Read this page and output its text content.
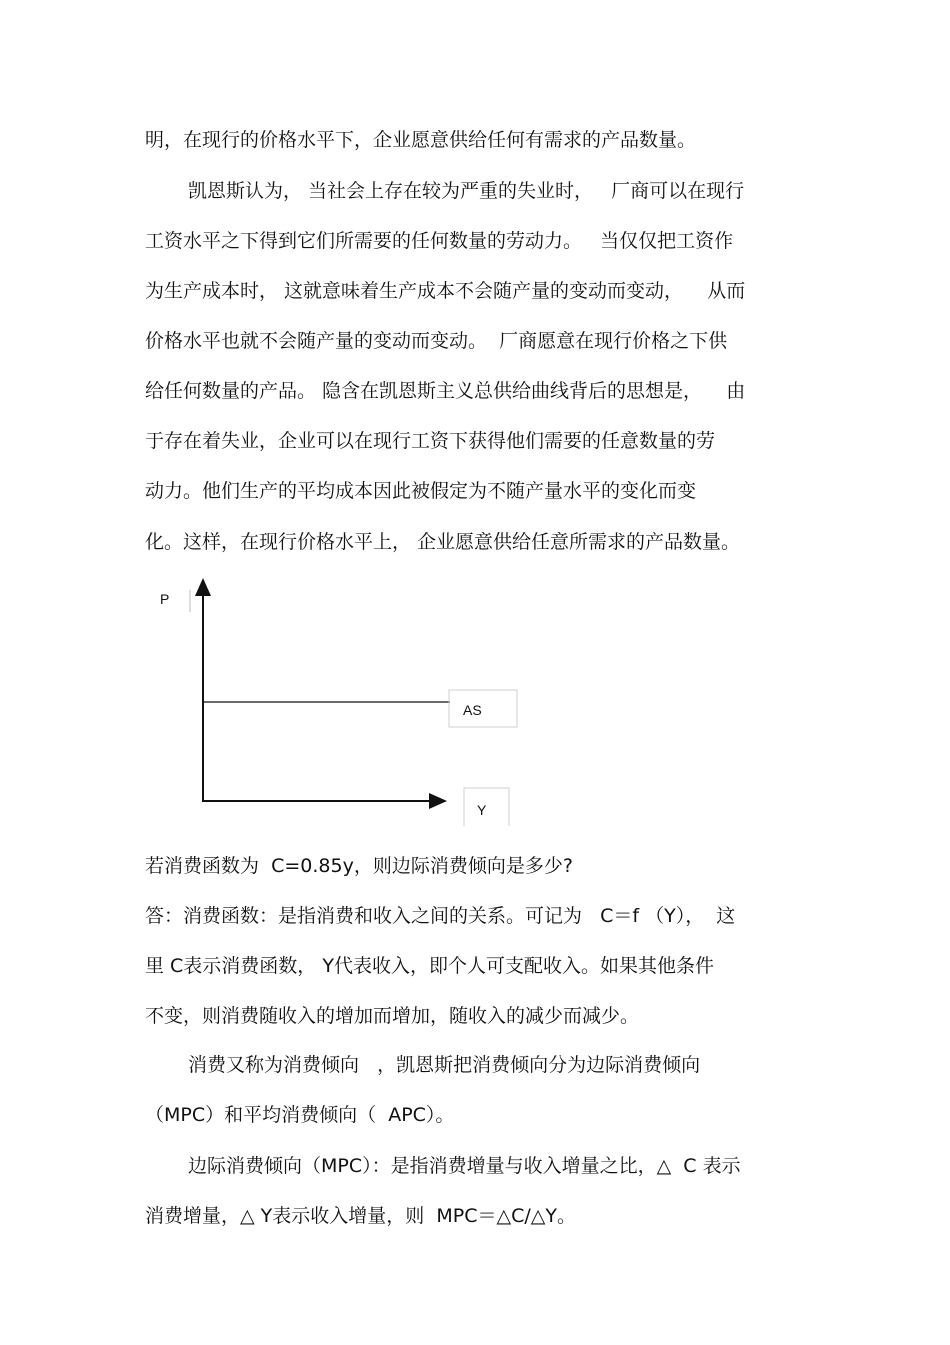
明，在现行的价格水平下，企业愿意供给任何有需求的产品数量。
凯恩斯认为， 当社会上存在较为严重的失业时，   厂商可以在现行
工资水平之下得到它们所需要的任何数量的劳动力。   当仅仅把工资作
为生产成本时， 这就意味着生产成本不会随产量的变动而变动，    从而
价格水平也就不会随产量的变动而变动。  厂商愿意在现行价格之下供
给任何数量的产品。 隐含在凯恩斯主义总供给曲线背后的思想是，    由
于存在着失业，企业可以在现行工资下获得他们需要的任意数量的劳
动力。他们生产的平均成本因此被假定为不随产量水平的变化而变
化。这样，在现行价格水平上， 企业愿意供给任意所需求的产品数量。
P
Y
AS
若消费函数为  C=0.85y，则边际消费倾向是多少?
答：消费函数：是指消费和收入之间的关系。可记为   C＝f （Y），  这
里 C表示消费函数， Y代表收入，即个人可支配收入。如果其他条件
不变，则消费随收入的增加而增加，随收入的减少而减少。
消费又称为消费倾向   ，凯恩斯把消费倾向分为边际消费倾向
（MPC）和平均消费倾向（  APC）。
边际消费倾向（MPC）：是指消费增量与收入增量之比，△  C 表示
消费增量，△ Y表示收入增量，则  MPC＝△C/△Y。
